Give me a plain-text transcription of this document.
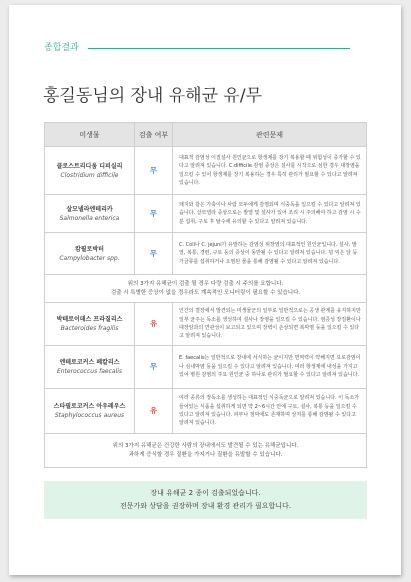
종합결과
홍길동님의 장내 유해균 유/무
미생물	검출 여부	관련문제
클로스트리디움 디피실리
Clostridium difficile
무
대표적 감염성 이질설사 원인균으로 항생제를 장기 복용할 때 위험성이 증가할 수 있다고 알려져 있습니다. C.difficile 감염 증상은 설사를 시작으로 심한 경우 대장염을 일으킬 수 있어 항생제를 장기 복용하는 경우 특히 관리가 필요할 수 있다고 알려져 있습니다.
살모넬라엔테리카
Salmonella enterica
무
돼지와 같은 가축이나 사람 모두에게 감염되며 식중독을 일으킬 수 있다고 알려져 있습니다. 살모넬라 증상으로는 발열 및 설사가 있어 조리 시 주의해야 하고 감염 시 수분 섭취, 구토 후 탈수에 유의할 수 있다고 알려져 있습니다.
캄필로박터
Campylobacter spp.
무
C. Coli나 C. jejuni가 유발하는 감염성 위장염의 대표적인 원인균입니다. 설사, 발열, 복통, 경련, 구토 등의 증상이 동반될 수 있다고 알려져 있습니다. 덜 익은 닭 등 가금류를 섭취하거나 오염된 물을 통해 감염될 수 있다고 알려져 있습니다.
위의 3가지 유해균이 검출 될 경우 다량 검출 시 주의를 요합니다.
검출 시 특별한 증상이 없을 경우라도 계속적인 모니터링이 필요할 수 있습니다.
박테로이데스 프라질리스
Bacteroides fragilis
유
인간의 결장에서 발견되는 미생물군의 일부로 일반적으로는 공생 관계를 유지하지만 일부 균주는 독소를 생성하여 설사나 장염을 일으킬 수 있습니다. 염증성 장질환이나 대장암과의 연관성이 보고되고 있으며 장벽이 손상되면 복막염 등을 일으킬 수 있다고 알려져 있습니다.
엔테로코커스 페칼리스
Enterococcus faecalis
무
E. faecalis는 일반적으로 장내에 서식하는 균이지만 면역력이 약해지면 요로감염이나 심내막염 등을 일으킬 수 있다고 알려져 있습니다. 여러 항생제에 내성을 가지고 있어 병원 감염의 주요 원인균 중 하나로 관리가 필요할 수 있다고 알려져 있습니다.
스타필로코커스 아우레우스
Staphylococcus aureus
유
여러 종류의 장독소를 생성하는 대표적인 식중독균으로 알려져 있습니다. 이 독소가 들어있는 식품을 섭취하게 되면 약 2~6시간 안에 구토, 설사, 복통 등을 일으킬 수 있다고 알려져 있습니다. 피부나 점막에도 존재하며 상처를 통해 감염될 수 있다고 알려져 있습니다.
위의 3가지 유해균은 건강한 사람의 장내에서도 발견될 수 있는 유해균입니다.
과하게 증식할 경우 질환을 가지거나 질환을 유발할 수 있습니다.
장내 유해균 2 종이 검출되었습니다.
전문가와 상담을 권장하며 장내 환경 관리가 필요합니다.
